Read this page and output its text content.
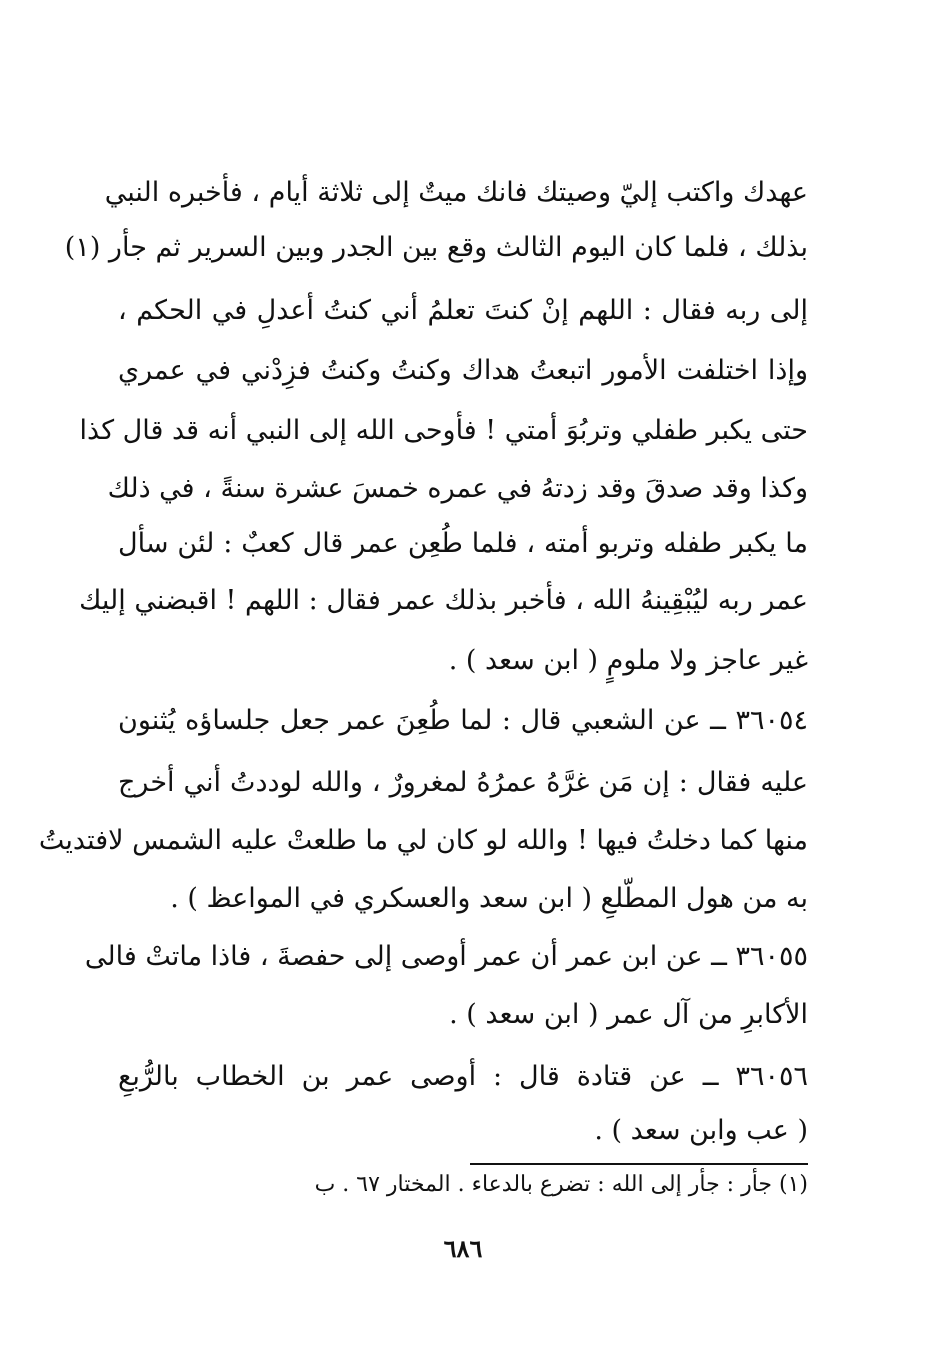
عهدك واكتب إليّ وصيتك فانك ميتٌ إلى ثلاثة أيام ، فأخبره النبي
بذلك ، فلما كان اليوم الثالث وقع بين الجدر وبين السرير ثم جأر (١)
إلى ربه فقال : اللهم إنْ كنتَ تعلمُ أني كنتُ أعدلِ في الحكم ،
وإذا اختلفت الأمور اتبعتُ هداك وكنتُ وكنتُ فزِدْني في عمري
حتى يكبر طفلي وتربُوَ أمتي ! فأوحى الله إلى النبي أنه قد قال كذا
وكذا وقد صدقَ وقد زدتهُ في عمره خمسَ عشرة سنةً ، في ذلك
ما يكبر طفله وتربو أمته ، فلما طُعِن عمر قال كعبٌ : لئن سأل
عمر ربه ليُبْقِينهُ الله ، فأخبر بذلك عمر فقال : اللهم ! اقبضني إليك
غير عاجز ولا ملومٍ ( ابن سعد ) .
٣٦٠٥٤ ــ عن الشعبي قال : لما طُعِنَ عمر جعل جلساؤه يُثنون
عليه فقال : إن مَن غرَّهُ عمرُهُ لمغرورٌ ، والله لوددتُ أني أخرج
منها كما دخلتُ فيها ! والله لو كان لي ما طلعتْ عليه الشمس لافتديتُ
به من هول المطّلعِ ( ابن سعد والعسكري في المواعظ ) .
٣٦٠٥٥ ــ عن ابن عمر أن عمر أوصى إلى حفصةَ ، فاذا ماتتْ فالى
الأكابرِ من آل عمر ( ابن سعد ) .
٣٦٠٥٦ ــ عن قتادة قال : أوصى عمر بن الخطاب بالرُّبعِ
( عب وابن سعد ) .
(١) جأر : جأر إلى الله : تضرع بالدعاء . المختار ٦٧ . ب
٦٨٦
